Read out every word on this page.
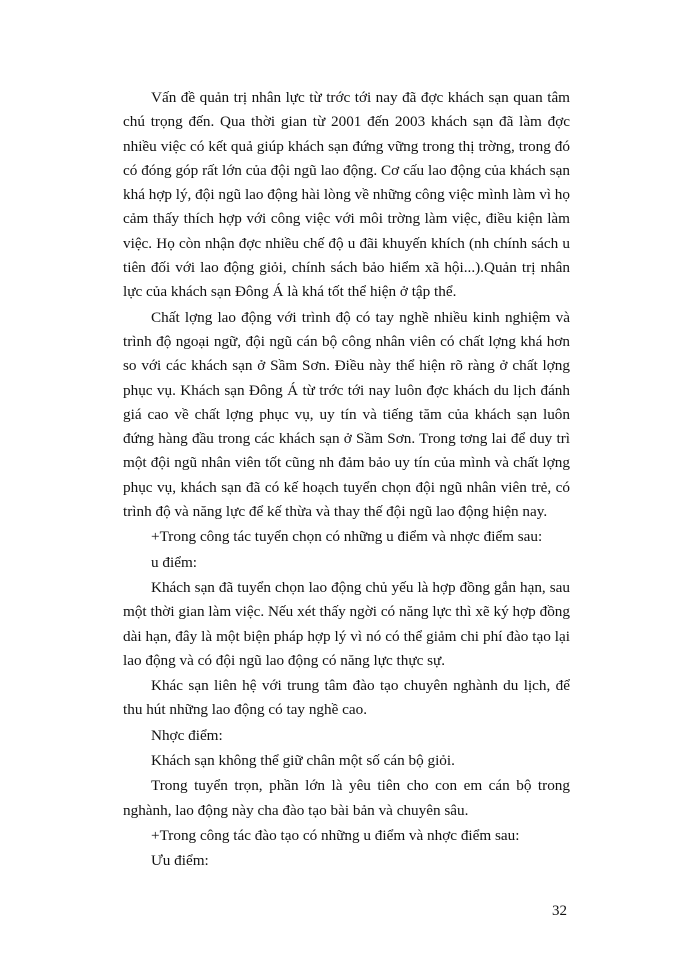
Vấn đề quản trị nhân lực từ trớc tới nay đã đợc khách sạn quan tâm chú trọng đến. Qua thời gian từ 2001 đến 2003 khách sạn đã làm đợc nhiều việc có kết quả giúp khách sạn đứng vững trong thị trờng, trong đó có đóng góp rất lớn của đội ngũ lao động. Cơ cấu lao động của khách sạn khá hợp lý, đội ngũ lao động hài lòng về những công việc mình làm vì họ cảm thấy thích hợp với công việc với môi trờng làm việc, điều kiện làm việc. Họ còn nhận đợc nhiều chế độ u đãi khuyến khích (nh chính sách u tiên đối với lao động giỏi, chính sách bảo hiểm xã hội...).Quản trị nhân lực của khách sạn Đông Á là khá tốt thể hiện ở tập thể.

Chất lợng lao động với trình độ có tay nghề nhiều kinh nghiệm và trình độ ngoại ngữ, đội ngũ cán bộ công nhân viên có chất lợng khá hơn so với các khách sạn ở Sầm Sơn. Điều này thể hiện rõ ràng ở chất lợng phục vụ. Khách sạn Đông Á từ trớc tới nay luôn đợc khách du lịch đánh giá cao về chất lợng phục vụ, uy tín và tiếng tăm của khách sạn luôn đứng hàng đầu trong các khách sạn ở Sầm Sơn. Trong tơng lai để duy trì một đội ngũ nhân viên tốt cũng nh đảm bảo uy tín của mình và chất lợng phục vụ, khách sạn đã có kế hoạch tuyển chọn đội ngũ nhân viên trẻ, có trình độ và năng lực để kế thừa và thay thế đội ngũ lao động hiện nay.

+Trong công tác tuyển chọn có những u điểm và nhợc điểm sau:

u điểm:

Khách sạn đã tuyển chọn lao động chủ yếu là hợp đồng gắn hạn, sau một thời gian làm việc. Nếu xét thấy ngời có năng lực thì xẽ ký hợp đồng dài hạn, đây là một biện pháp hợp lý vì nó có thể giảm chi phí đào tạo lại lao động và có đội ngũ lao động có năng lực thực sự.

Khác sạn liên hệ với trung tâm đào tạo chuyên nghành du lịch, để thu hút những lao động có tay nghề cao.

Nhợc điểm:

Khách sạn không thể giữ chân một số cán bộ giỏi.

Trong tuyển trọn, phần lớn là yêu tiên cho con em cán bộ trong nghành, lao động này cha đào tạo bài bản và chuyên sâu.

+Trong công tác đào tạo có những u điểm và nhợc điểm sau:

Ưu điểm:

32
